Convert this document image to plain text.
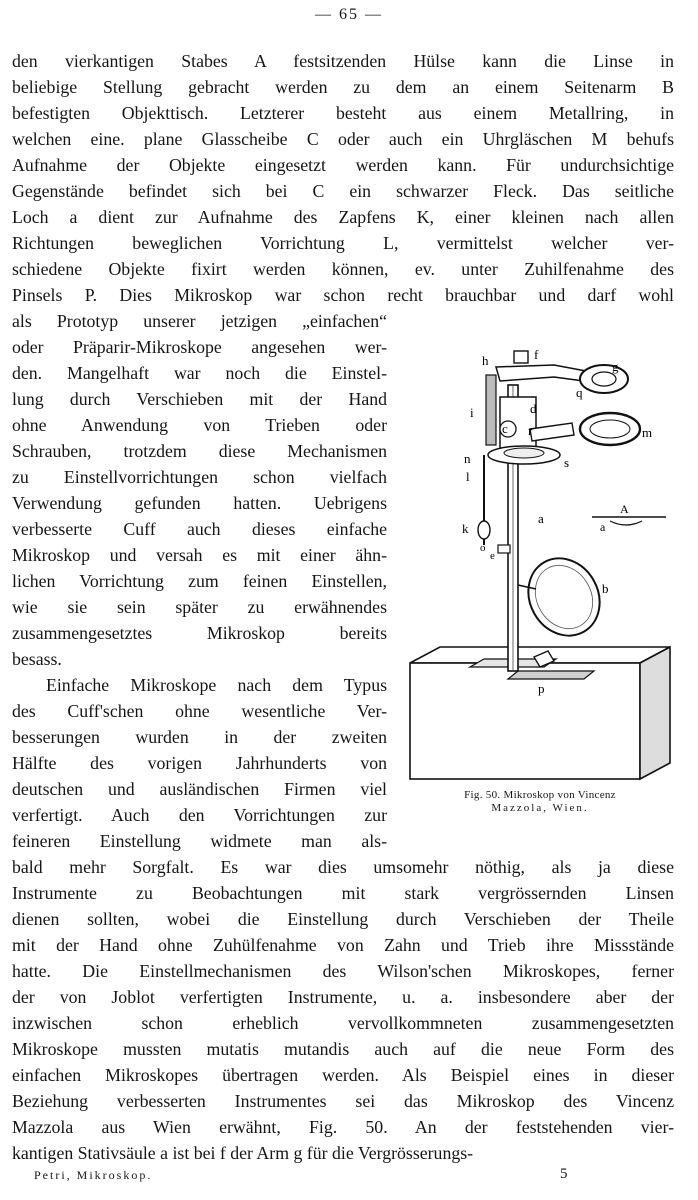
— 65 —
den vierkantigen Stabes A festsitzenden Hülse kann die Linse in
beliebige Stellung gebracht werden zu dem an einem Seitenarm B
befestigten Objekttisch. Letzterer besteht aus einem Metallring, in
welchen eine. plane Glasscheibe C oder auch ein Uhrgläschen M behufs
Aufnahme der Objekte eingesetzt werden kann. Für undurchsichtige
Gegenstände befindet sich bei C ein schwarzer Fleck. Das seitliche
Loch a dient zur Aufnahme des Zapfens K, einer kleinen nach allen
Richtungen beweglichen Vorrichtung L, vermittelst welcher ver-
schiedene Objekte fixirt werden können, ev. unter Zuhilfenahme des
Pinsels P. Dies Mikroskop war schon recht brauchbar und darf wohl
als Prototyp unserer jetzigen „einfachen“
oder Präparir-Mikroskope angesehen wer-
den. Mangelhaft war noch die Einstel-
lung durch Verschieben mit der Hand
ohne Anwendung von Trieben oder
Schrauben, trotzdem diese Mechanismen
zu Einstellvorrichtungen schon vielfach
Verwendung gefunden hatten. Uebrigens
verbesserte Cuff auch dieses einfache
Mikroskop und versah es mit einer ähn-
lichen Vorrichtung zum feinen Einstellen,
wie sie sein später zu erwähnendes
zusammengesetztes Mikroskop bereits
besass.
Einfache Mikroskope nach dem Typus
des Cuff'schen ohne wesentliche Ver-
besserungen wurden in der zweiten
Hälfte des vorigen Jahrhunderts von
deutschen und ausländischen Firmen viel
verfertigt. Auch den Vorrichtungen zur
feineren Einstellung widmete man als-
bald mehr Sorgfalt. Es war dies umsomehr nöthig, als ja diese
Instrumente zu Beobachtungen mit stark vergrössernden Linsen
dienen sollten, wobei die Einstellung durch Verschieben der Theile
mit der Hand ohne Zuhülfenahme von Zahn und Trieb ihre Missstände
hatte. Die Einstellmechanismen des Wilson'schen Mikroskopes, ferner
der von Joblot verfertigten Instrumente, u. a. insbesondere aber der
inzwischen schon erheblich vervollkommneten zusammengesetzten
Mikroskope mussten mutatis mutandis auch auf die neue Form des
einfachen Mikroskopes übertragen werden. Als Beispiel eines in dieser
Beziehung verbesserten Instrumentes sei das Mikroskop des Vincenz
Mazzola aus Wien erwähnt, Fig. 50. An der feststehenden vier-
kantigen Stativsäule a ist bei f der Arm g für die Vergrösserungs-
h	f
g
q
i	d
c r	m
n	s
l
A
a
a
k
o
e
b
p
Fig. 50. Mikroskop von Vincenz
Mazzola, Wien.
Petri, Mikroskop.	5
